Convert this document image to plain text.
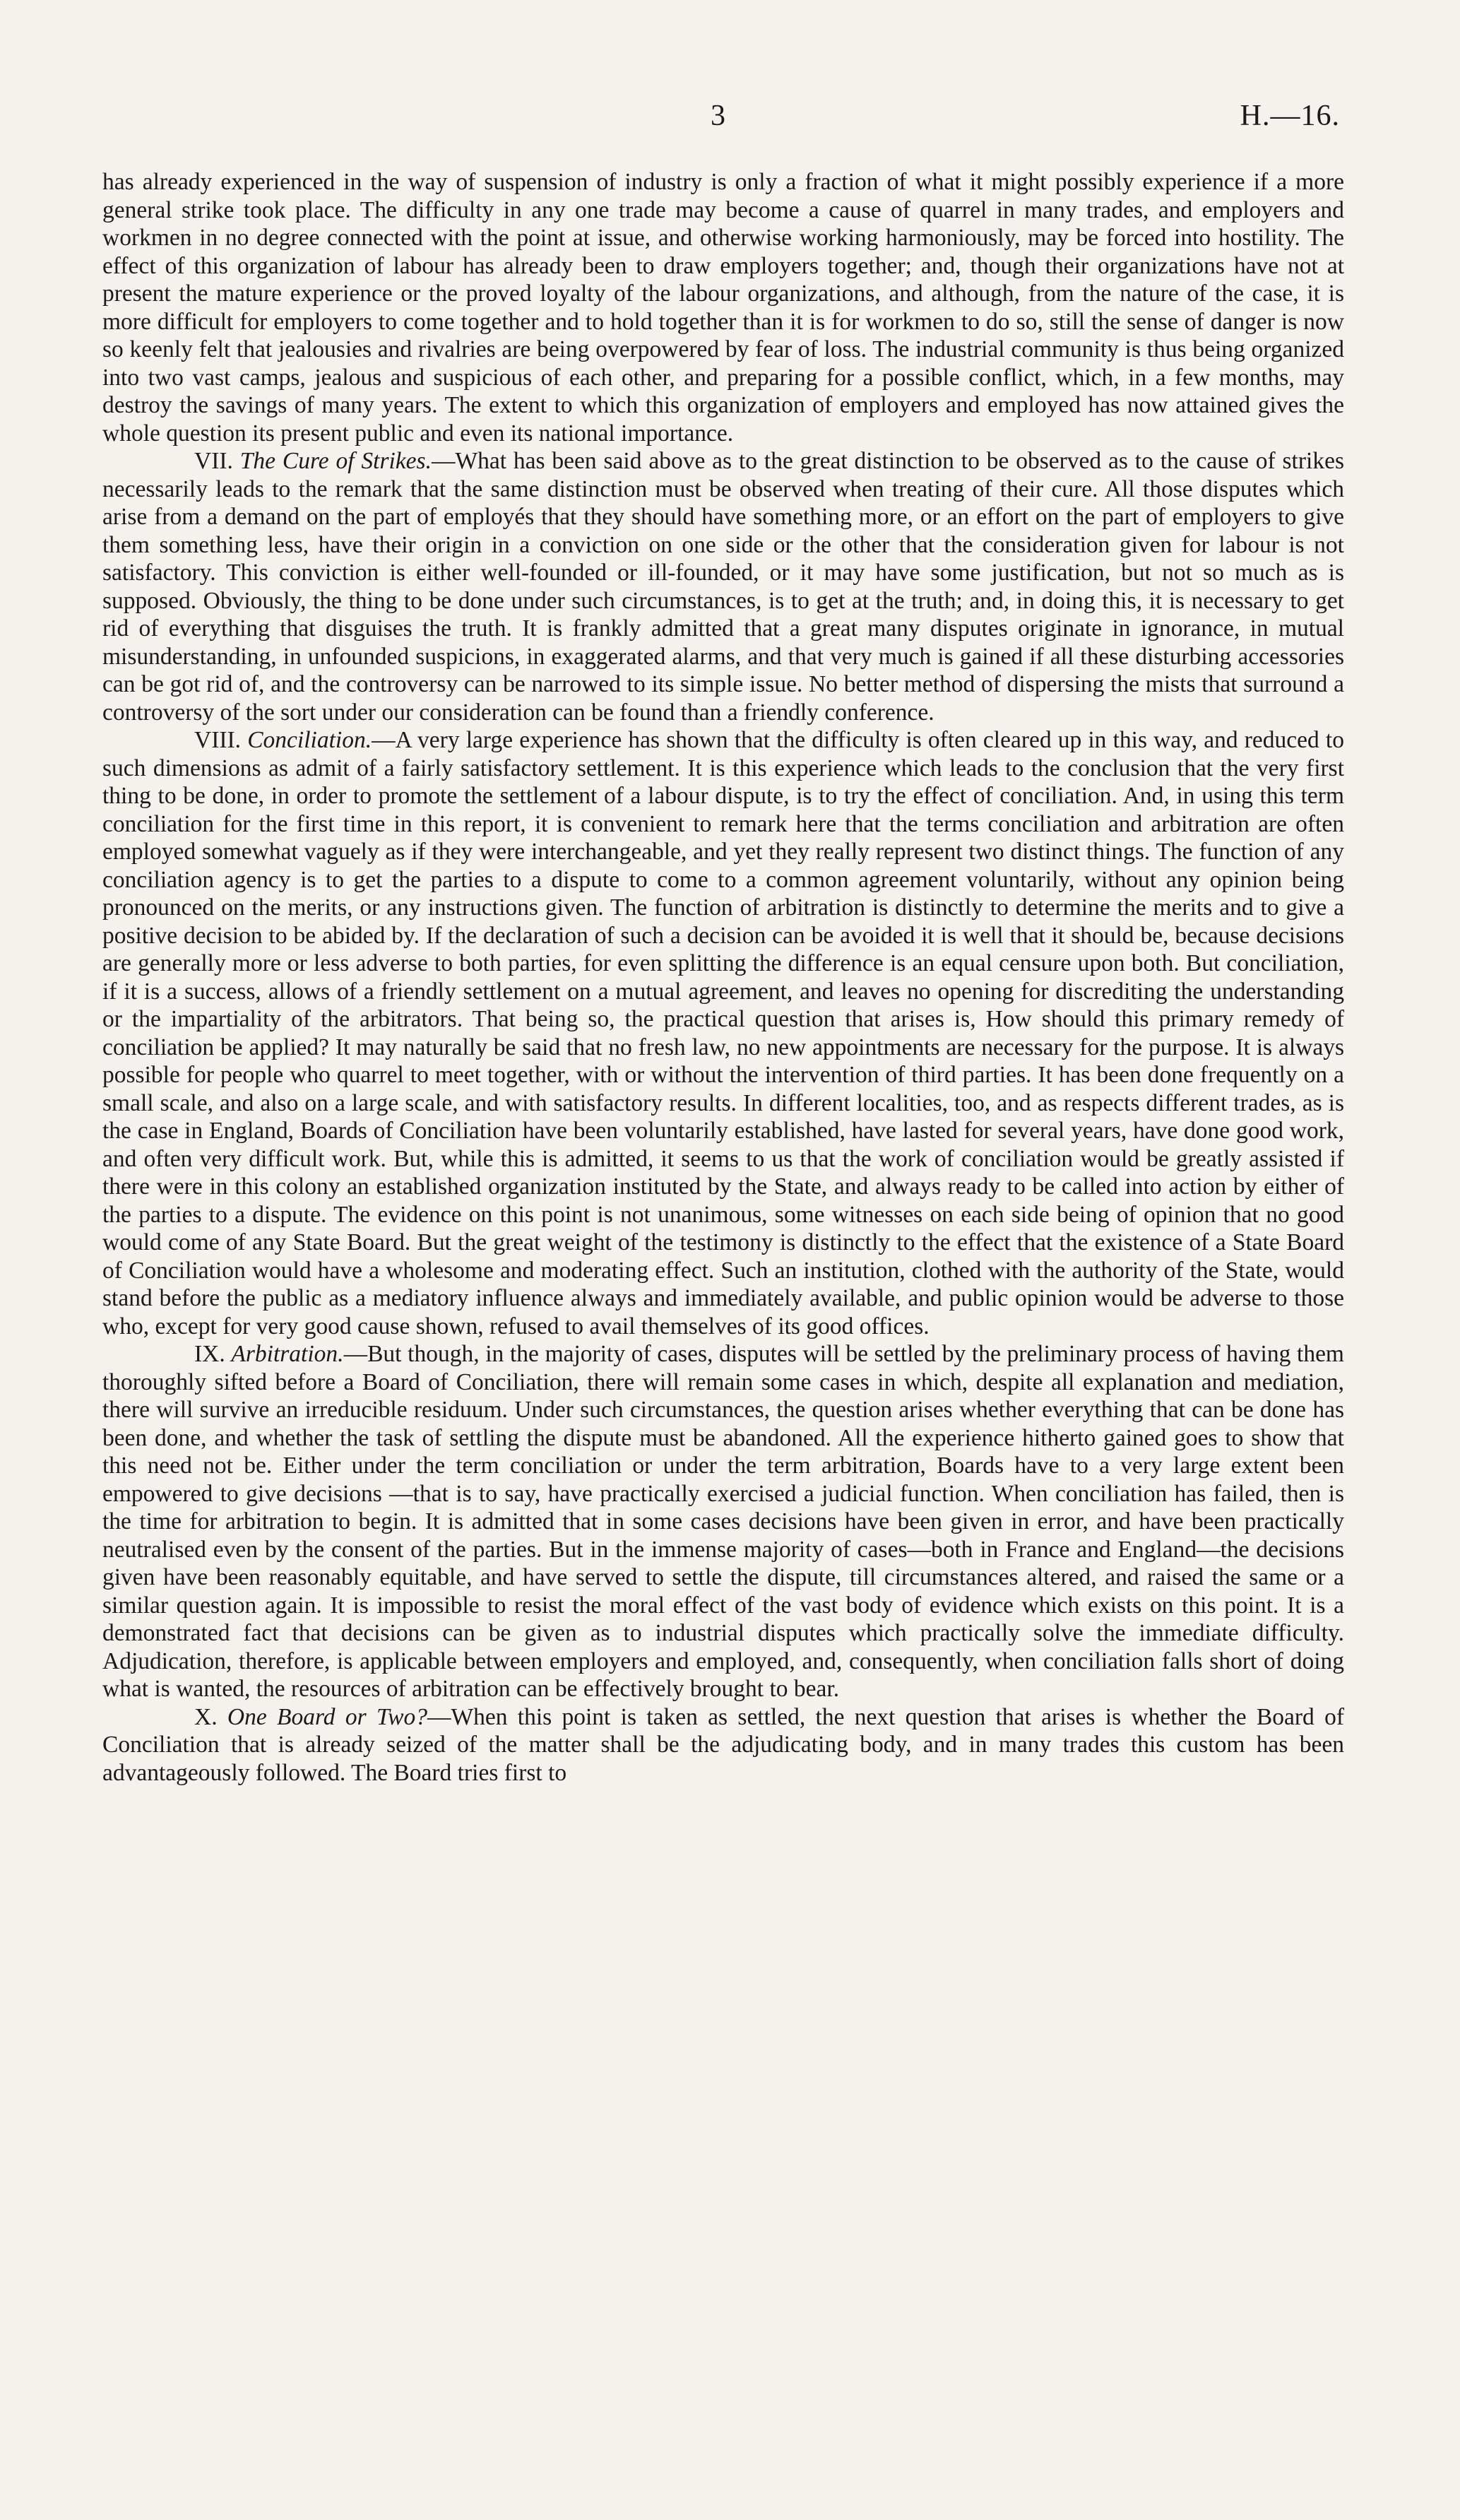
3	H.—16.

has already experienced in the way of suspension of industry is only a fraction of what it might possibly experience if a more general strike took place. The difficulty in any one trade may become a cause of quarrel in many trades, and employers and workmen in no degree connected with the point at issue, and otherwise working harmoniously, may be forced into hostility. The effect of this organization of labour has already been to draw employers together; and, though their organizations have not at present the mature experience or the proved loyalty of the labour organizations, and although, from the nature of the case, it is more difficult for employers to come together and to hold together than it is for workmen to do so, still the sense of danger is now so keenly felt that jealousies and rivalries are being overpowered by fear of loss. The industrial community is thus being organized into two vast camps, jealous and suspicious of each other, and preparing for a possible conflict, which, in a few months, may destroy the savings of many years. The extent to which this organization of employers and employed has now attained gives the whole question its present public and even its national importance.

VII. The Cure of Strikes.—What has been said above as to the great distinction to be observed as to the cause of strikes necessarily leads to the remark that the same distinction must be observed when treating of their cure. All those disputes which arise from a demand on the part of employés that they should have something more, or an effort on the part of employers to give them something less, have their origin in a conviction on one side or the other that the consideration given for labour is not satisfactory. This conviction is either well-founded or ill-founded, or it may have some justification, but not so much as is supposed. Obviously, the thing to be done under such circumstances, is to get at the truth; and, in doing this, it is necessary to get rid of everything that disguises the truth. It is frankly admitted that a great many disputes originate in ignorance, in mutual misunderstanding, in unfounded suspicions, in exaggerated alarms, and that very much is gained if all these disturbing accessories can be got rid of, and the controversy can be narrowed to its simple issue. No better method of dispersing the mists that surround a controversy of the sort under our consideration can be found than a friendly conference.

VIII. Conciliation.—A very large experience has shown that the difficulty is often cleared up in this way, and reduced to such dimensions as admit of a fairly satisfactory settlement. It is this experience which leads to the conclusion that the very first thing to be done, in order to promote the settlement of a labour dispute, is to try the effect of conciliation. And, in using this term conciliation for the first time in this report, it is convenient to remark here that the terms conciliation and arbitration are often employed somewhat vaguely as if they were interchangeable, and yet they really represent two distinct things. The function of any conciliation agency is to get the parties to a dispute to come to a common agreement voluntarily, without any opinion being pronounced on the merits, or any instructions given. The function of arbitration is distinctly to determine the merits and to give a positive decision to be abided by. If the declaration of such a decision can be avoided it is well that it should be, because decisions are generally more or less adverse to both parties, for even splitting the difference is an equal censure upon both. But conciliation, if it is a success, allows of a friendly settlement on a mutual agreement, and leaves no opening for discrediting the understanding or the impartiality of the arbitrators. That being so, the practical question that arises is, How should this primary remedy of conciliation be applied? It may naturally be said that no fresh law, no new appointments are necessary for the purpose. It is always possible for people who quarrel to meet together, with or without the intervention of third parties. It has been done frequently on a small scale, and also on a large scale, and with satisfactory results. In different localities, too, and as respects different trades, as is the case in England, Boards of Conciliation have been voluntarily established, have lasted for several years, have done good work, and often very difficult work. But, while this is admitted, it seems to us that the work of conciliation would be greatly assisted if there were in this colony an established organization instituted by the State, and always ready to be called into action by either of the parties to a dispute. The evidence on this point is not unanimous, some witnesses on each side being of opinion that no good would come of any State Board. But the great weight of the testimony is distinctly to the effect that the existence of a State Board of Conciliation would have a wholesome and moderating effect. Such an institution, clothed with the authority of the State, would stand before the public as a mediatory influence always and immediately available, and public opinion would be adverse to those who, except for very good cause shown, refused to avail themselves of its good offices.

IX. Arbitration.—But though, in the majority of cases, disputes will be settled by the preliminary process of having them thoroughly sifted before a Board of Conciliation, there will remain some cases in which, despite all explanation and mediation, there will survive an irreducible residuum. Under such circumstances, the question arises whether everything that can be done has been done, and whether the task of settling the dispute must be abandoned. All the experience hitherto gained goes to show that this need not be. Either under the term conciliation or under the term arbitration, Boards have to a very large extent been empowered to give decisions —that is to say, have practically exercised a judicial function. When conciliation has failed, then is the time for arbitration to begin. It is admitted that in some cases decisions have been given in error, and have been practically neutralised even by the consent of the parties. But in the immense majority of cases—both in France and England—the decisions given have been reasonably equitable, and have served to settle the dispute, till circumstances altered, and raised the same or a similar question again. It is impossible to resist the moral effect of the vast body of evidence which exists on this point. It is a demonstrated fact that decisions can be given as to industrial disputes which practically solve the immediate difficulty. Adjudication, therefore, is applicable between employers and employed, and, consequently, when conciliation falls short of doing what is wanted, the resources of arbitration can be effectively brought to bear.

X. One Board or Two?—When this point is taken as settled, the next question that arises is whether the Board of Conciliation that is already seized of the matter shall be the adjudicating body, and in many trades this custom has been advantageously followed. The Board tries first to
